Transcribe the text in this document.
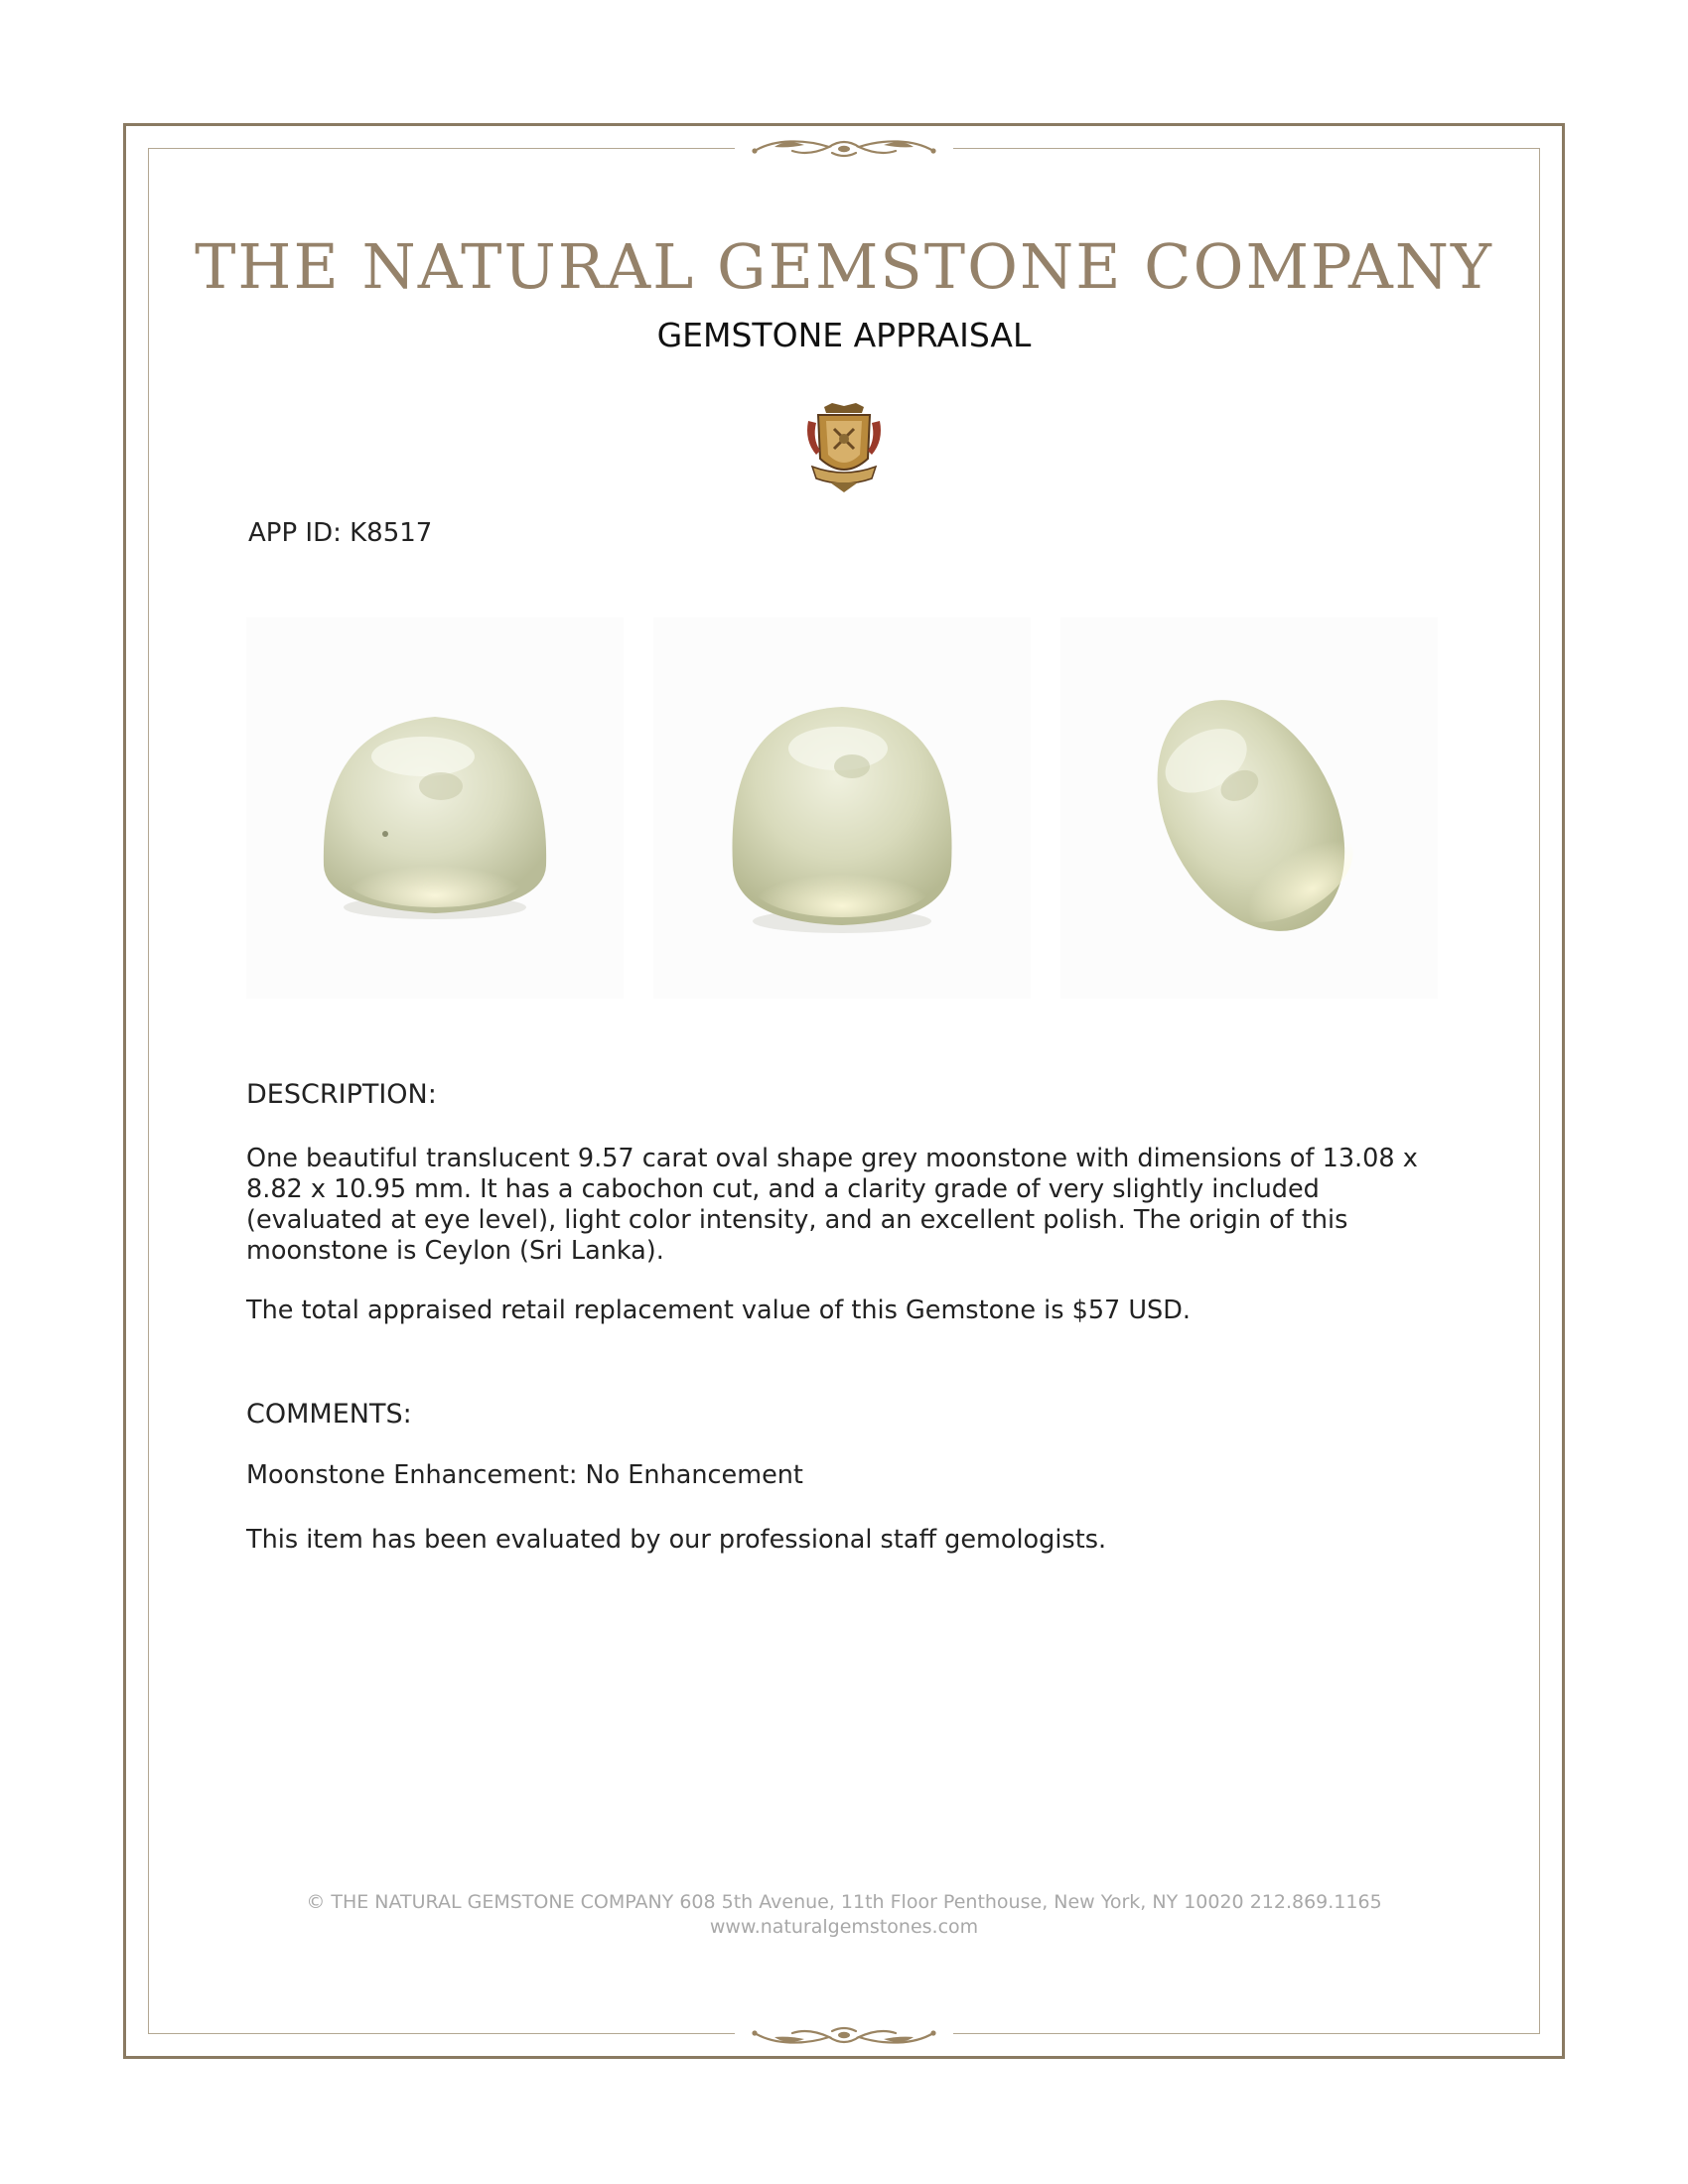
THE NATURAL GEMSTONE COMPANY
GEMSTONE APPRAISAL
APP ID: K8517
DESCRIPTION:

One beautiful translucent 9.57 carat oval shape grey moonstone with dimensions of 13.08 x 8.82 x 10.95 mm. It has a cabochon cut, and a clarity grade of very slightly included (evaluated at eye level), light color intensity, and an excellent polish. The origin of this moonstone is Ceylon (Sri Lanka).

The total appraised retail replacement value of this Gemstone is $57 USD.

COMMENTS:

Moonstone Enhancement: No Enhancement

This item has been evaluated by our professional staff gemologists.

© THE NATURAL GEMSTONE COMPANY 608 5th Avenue, 11th Floor Penthouse, New York, NY 10020 212.869.1165

www.naturalgemstones.com
